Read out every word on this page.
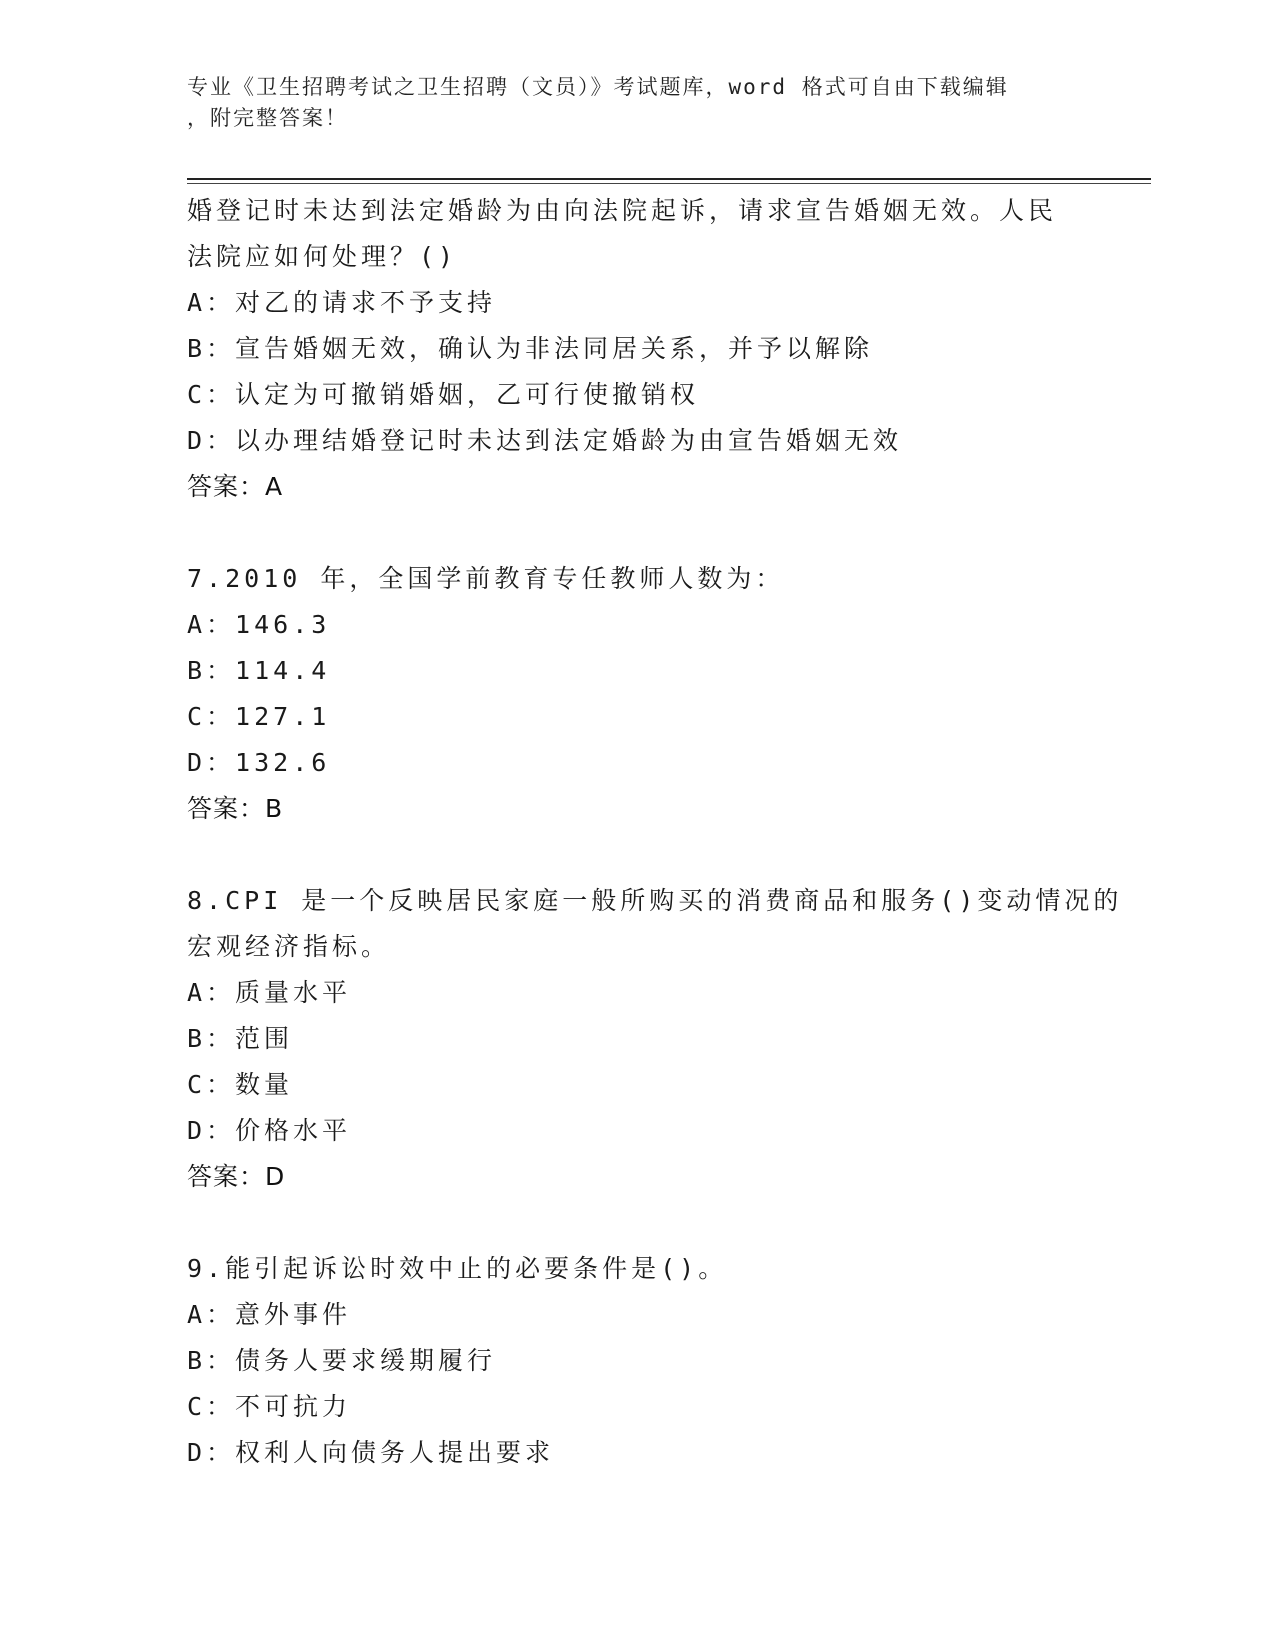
专业《卫生招聘考试之卫生招聘（文员）》考试题库，word 格式可自由下载编辑
，附完整答案！
婚登记时未达到法定婚龄为由向法院起诉，请求宣告婚姻无效。人民
法院应如何处理？()
A：对乙的请求不予支持
B：宣告婚姻无效，确认为非法同居关系，并予以解除
C：认定为可撤销婚姻，乙可行使撤销权
D：以办理结婚登记时未达到法定婚龄为由宣告婚姻无效
答案：A
7.2010 年，全国学前教育专任教师人数为：
A：146.3
B：114.4
C：127.1
D：132.6
答案：B
8.CPI 是一个反映居民家庭一般所购买的消费商品和服务()变动情况的
宏观经济指标。
A：质量水平
B：范围
C：数量
D：价格水平
答案：D
9.能引起诉讼时效中止的必要条件是()。
A：意外事件
B：债务人要求缓期履行
C：不可抗力
D：权利人向债务人提出要求
